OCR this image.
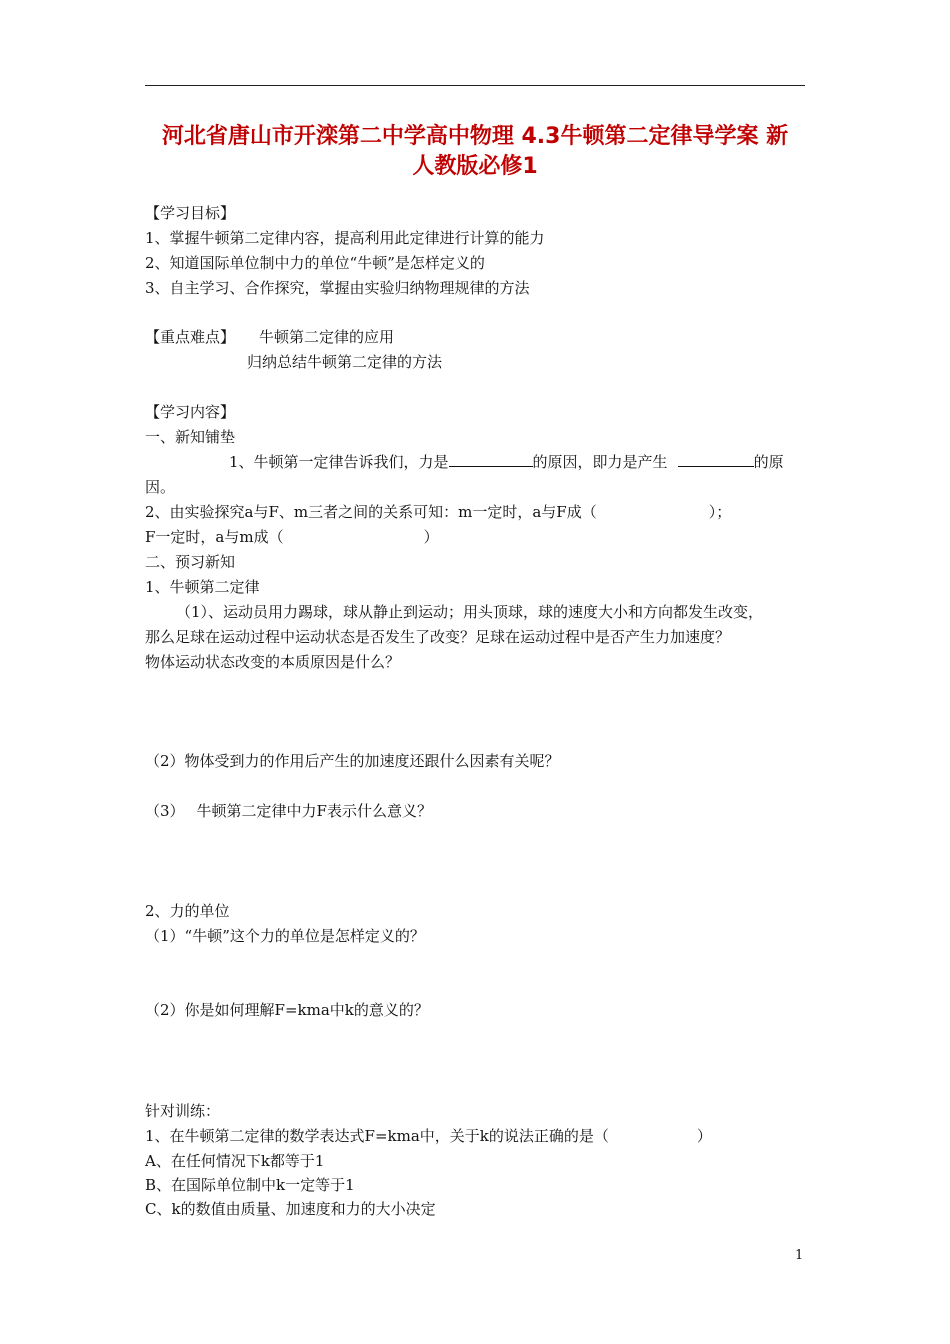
河北省唐山市开滦第二中学高中物理 4.3牛顿第二定律导学案 新
人教版必修1
【学习目标】
1、掌握牛顿第二定律内容，提高利用此定律进行计算的能力
2、知道国际单位制中力的单位“牛顿”是怎样定义的
3、自主学习、合作探究，掌握由实验归纳物理规律的方法
【重点难点】 牛顿第二定律的应用
归纳总结牛顿第二定律的方法
【学习内容】
一、新知铺垫
1、牛顿第一定律告诉我们，力是	的原因，即力是产生	的原
因。
2、由实验探究a与F、m三者之间的关系可知：m一定时，a与F成（	）；
F一定时，a与m成（	）
二、预习新知
1、牛顿第二定律
（1）、运动员用力踢球，球从静止到运动；用头顶球，球的速度大小和方向都发生改变，
那么足球在运动过程中运动状态是否发生了改变？足球在运动过程中是否产生力加速度？
物体运动状态改变的本质原因是什么？
（2）物体受到力的作用后产生的加速度还跟什么因素有关呢？
（3） 牛顿第二定律中力F表示什么意义？
2、力的单位
（1）“牛顿”这个力的单位是怎样定义的？
（2）你是如何理解F=kma中k的意义的？
针对训练：
1、在牛顿第二定律的数学表达式F=kma中，关于k的说法正确的是（	）
A、在任何情况下k都等于1
B、在国际单位制中k一定等于1
C、k的数值由质量、加速度和力的大小决定
1
